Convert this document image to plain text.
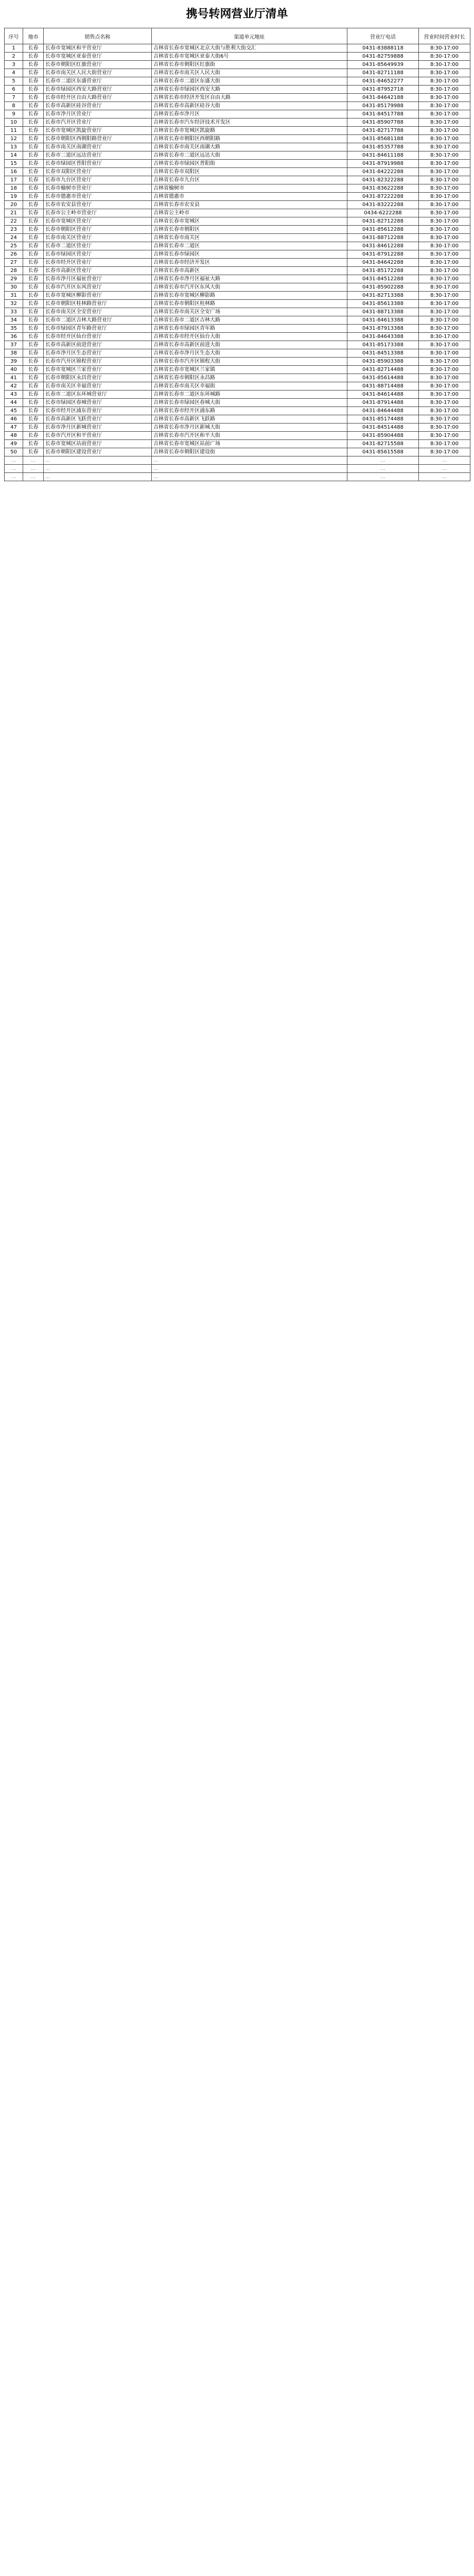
携号转网营业厅清单
序号	地市	销售点名称	渠道单元地址	营业厅电话	营业时间营业时长
1	长春	长春市宽城区和平营业厅	吉林省长春市宽城区北京大街与胜利大街交汇	0431-83888118	8:30-17:00
2	长春	长春市宽城区亚泰营业厅	吉林省长春市宽城区亚泰大街6号	0431-82759888	8:30-17:00
3	长春	长春市朝阳区红旗营业厅	吉林省长春市朝阳区红旗街	0431-85649939	8:30-17:00
4	长春	长春市南关区人民大街营业厅	吉林省长春市南关区人民大街	0431-82711188	8:30-17:00
5	长春	长春市二道区东盛营业厅	吉林省长春市二道区东盛大街	0431-84652277	8:30-17:00
6	长春	长春市绿园区西安大路营业厅	吉林省长春市绿园区西安大路	0431-87952718	8:30-17:00
7	长春	长春市经开区自由大路营业厅	吉林省长春市经济开发区自由大路	0431-84642188	8:30-17:00
8	长春	长春市高新区硅谷营业厅	吉林省长春市高新区硅谷大街	0431-85179988	8:30-17:00
9	长春	长春市净月区营业厅	吉林省长春市净月区	0431-84517788	8:30-17:00
10	长春	长春市汽开区营业厅	吉林省长春市汽车经济技术开发区	0431-85907788	8:30-17:00
11	长春	长春市宽城区凯旋营业厅	吉林省长春市宽城区凯旋路	0431-82717788	8:30-17:00
12	长春	长春市朝阳区西朝阳路营业厅	吉林省长春市朝阳区西朝阳路	0431-85681188	8:30-17:00
13	长春	长春市南关区南湖营业厅	吉林省长春市南关区南湖大路	0431-85357788	8:30-17:00
14	长春	长春市二道区远达营业厅	吉林省长春市二道区远达大街	0431-84611188	8:30-17:00
15	长春	长春市绿园区普阳营业厅	吉林省长春市绿园区普阳街	0431-87919988	8:30-17:00
16	长春	长春市双阳区营业厅	吉林省长春市双阳区	0431-84222288	8:30-17:00
17	长春	长春市九台区营业厅	吉林省长春市九台区	0431-82322288	8:30-17:00
18	长春	长春市榆树市营业厅	吉林省榆树市	0431-83622288	8:30-17:00
19	长春	长春市德惠市营业厅	吉林省德惠市	0431-87222288	8:30-17:00
20	长春	长春市农安县营业厅	吉林省长春市农安县	0431-83222288	8:30-17:00
21	长春	长春市公主岭市营业厅	吉林省公主岭市	0434-6222288	8:30-17:00
22	长春	长春市宽城区营业厅	吉林省长春市宽城区	0431-82712288	8:30-17:00
23	长春	长春市朝阳区营业厅	吉林省长春市朝阳区	0431-85612288	8:30-17:00
24	长春	长春市南关区营业厅	吉林省长春市南关区	0431-88712288	8:30-17:00
25	长春	长春市二道区营业厅	吉林省长春市二道区	0431-84612288	8:30-17:00
26	长春	长春市绿园区营业厅	吉林省长春市绿园区	0431-87912288	8:30-17:00
27	长春	长春市经开区营业厅	吉林省长春市经济开发区	0431-84642288	8:30-17:00
28	长春	长春市高新区营业厅	吉林省长春市高新区	0431-85172288	8:30-17:00
29	长春	长春市净月区福祉营业厅	吉林省长春市净月区福祉大路	0431-84512288	8:30-17:00
30	长春	长春市汽开区东风营业厅	吉林省长春市汽开区东风大街	0431-85902288	8:30-17:00
31	长春	长春市宽城区柳影营业厅	吉林省长春市宽城区柳影路	0431-82713388	8:30-17:00
32	长春	长春市朝阳区桂林路营业厅	吉林省长春市朝阳区桂林路	0431-85613388	8:30-17:00
33	长春	长春市南关区全安营业厅	吉林省长春市南关区全安广场	0431-88713388	8:30-17:00
34	长春	长春市二道区吉林大路营业厅	吉林省长春市二道区吉林大路	0431-84613388	8:30-17:00
35	长春	长春市绿园区青年路营业厅	吉林省长春市绿园区青年路	0431-87913388	8:30-17:00
36	长春	长春市经开区仙台营业厅	吉林省长春市经开区仙台大街	0431-84643388	8:30-17:00
37	长春	长春市高新区前进营业厅	吉林省长春市高新区前进大街	0431-85173388	8:30-17:00
38	长春	长春市净月区生态营业厅	吉林省长春市净月区生态大街	0431-84513388	8:30-17:00
39	长春	长春市汽开区锦程营业厅	吉林省长春市汽开区锦程大街	0431-85903388	8:30-17:00
40	长春	长春市宽城区兰家营业厅	吉林省长春市宽城区兰家镇	0431-82714488	8:30-17:00
41	长春	长春市朝阳区永昌营业厅	吉林省长春市朝阳区永昌路	0431-85614488	8:30-17:00
42	长春	长春市南关区幸福营业厅	吉林省长春市南关区幸福街	0431-88714488	8:30-17:00
43	长春	长春市二道区东环城营业厅	吉林省长春市二道区东环城路	0431-84614488	8:30-17:00
44	长春	长春市绿园区春城营业厅	吉林省长春市绿园区春城大街	0431-87914488	8:30-17:00
45	长春	长春市经开区浦东营业厅	吉林省长春市经开区浦东路	0431-84644488	8:30-17:00
46	长春	长春市高新区飞跃营业厅	吉林省长春市高新区飞跃路	0431-85174488	8:30-17:00
47	长春	长春市净月区新城营业厅	吉林省长春市净月区新城大街	0431-84514488	8:30-17:00
48	长春	长春市汽开区和平营业厅	吉林省长春市汽开区和平大街	0431-85904488	8:30-17:00
49	长春	长春市宽城区站前营业厅	吉林省长春市宽城区站前广场	0431-82715588	8:30-17:00
50	长春	长春市朝阳区建设营业厅	吉林省长春市朝阳区建设街	0431-85615588	8:30-17:00
...	...	...	...	...	...
...	...	...	...	...	...
...	...	...	...	...	...
